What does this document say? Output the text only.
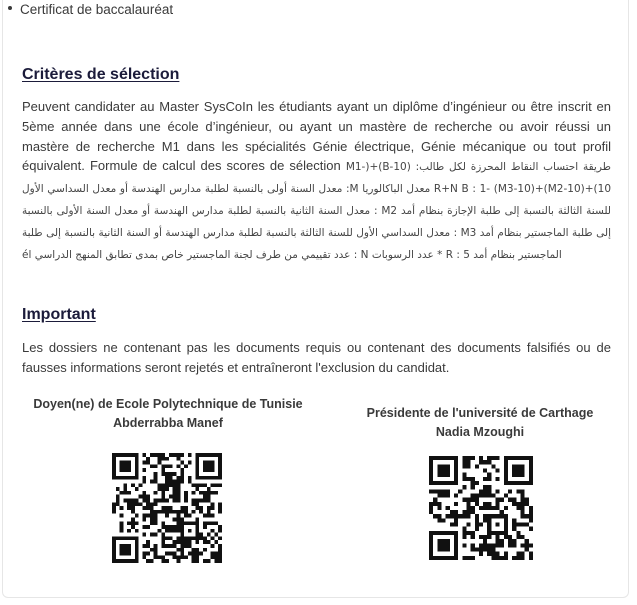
Certificat de baccalauréat
Critères de sélection

Peuvent candidater au Master SysCoIn les étudiants ayant un diplôme d’ingénieur ou être inscrit en 5ème année dans une école d’ingénieur, ou ayant un mastère de recherche ou avoir réussi un mastère de recherche M1 dans les spécialités Génie électrique, Génie mécanique ou tout profil équivalent. Formule de calcul des scores de sélection طريقة احتساب النقاط المحرزة لكل طالب: (B-10)+(M1-10)+(M2-10)+(M3-10) -R+N B : 1 معدل الباكالوريا M: معدل السنة أولى بالنسبة لطلبة مدارس الهندسة أو معدل السداسي الأول للسنة الثالثة بالنسبة إلى طلبة الإجازة بنظام أمد M2 : معدل السنة الثانية بالنسبة لطلبة مدارس الهندسة أو معدل السنة الأولى بالنسبة إلى طلبة الماجستير بنظام أمد M3 : معدل السداسي الأول للسنة الثالثة بالنسبة لطلبة مدارس الهندسة أو السنة الثانية بالنسبة إلى طلبة الماجستير بنظام أمد R : 5 * عدد الرسوبات N : عدد تقييمي من طرف لجنة الماجستير خاص بمدى تطابق المنهج الدراسي él

Important

Les dossiers ne contenant pas les documents requis ou contenant des documents falsifiés ou de fausses informations seront rejetés et entraîneront l'exclusion du candidat.

Doyen(ne) de Ecole Polytechnique de Tunisie
Abderrabba Manef
Présidente de l'université de Carthage
Nadia Mzoughi
